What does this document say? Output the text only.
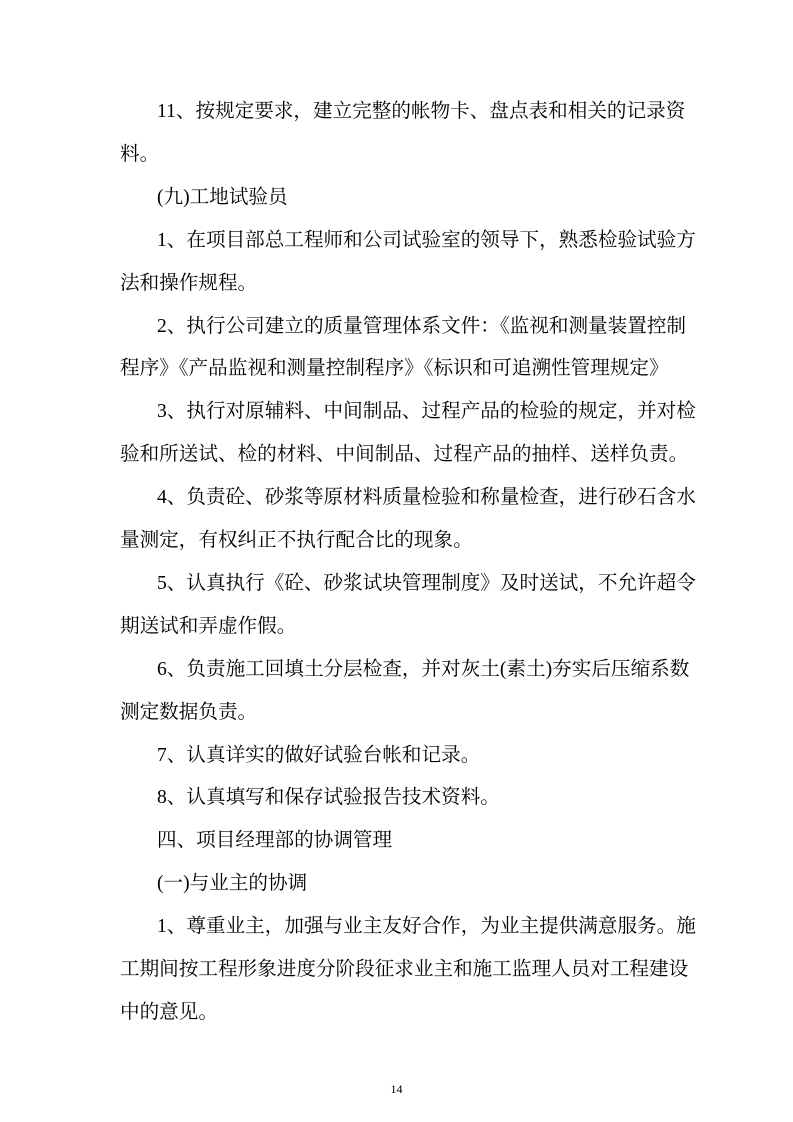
11、按规定要求，建立完整的帐物卡、盘点表和相关的记录资
料。
(九)工地试验员
1、在项目部总工程师和公司试验室的领导下，熟悉检验试验方
法和操作规程。
2、执行公司建立的质量管理体系文件：《监视和测量装置控制
程序》《产品监视和测量控制程序》《标识和可追溯性管理规定》
3、执行对原辅料、中间制品、过程产品的检验的规定，并对检
验和所送试、检的材料、中间制品、过程产品的抽样、送样负责。
4、负责砼、砂浆等原材料质量检验和称量检查，进行砂石含水
量测定，有权纠正不执行配合比的现象。
5、认真执行《砼、砂浆试块管理制度》及时送试，不允许超令
期送试和弄虚作假。
6、负责施工回填土分层检查，并对灰土(素土)夯实后压缩系数
测定数据负责。
7、认真详实的做好试验台帐和记录。
8、认真填写和保存试验报告技术资料。
四、项目经理部的协调管理
(一)与业主的协调
1、尊重业主，加强与业主友好合作，为业主提供满意服务。施
工期间按工程形象进度分阶段征求业主和施工监理人员对工程建设
中的意见。
14
